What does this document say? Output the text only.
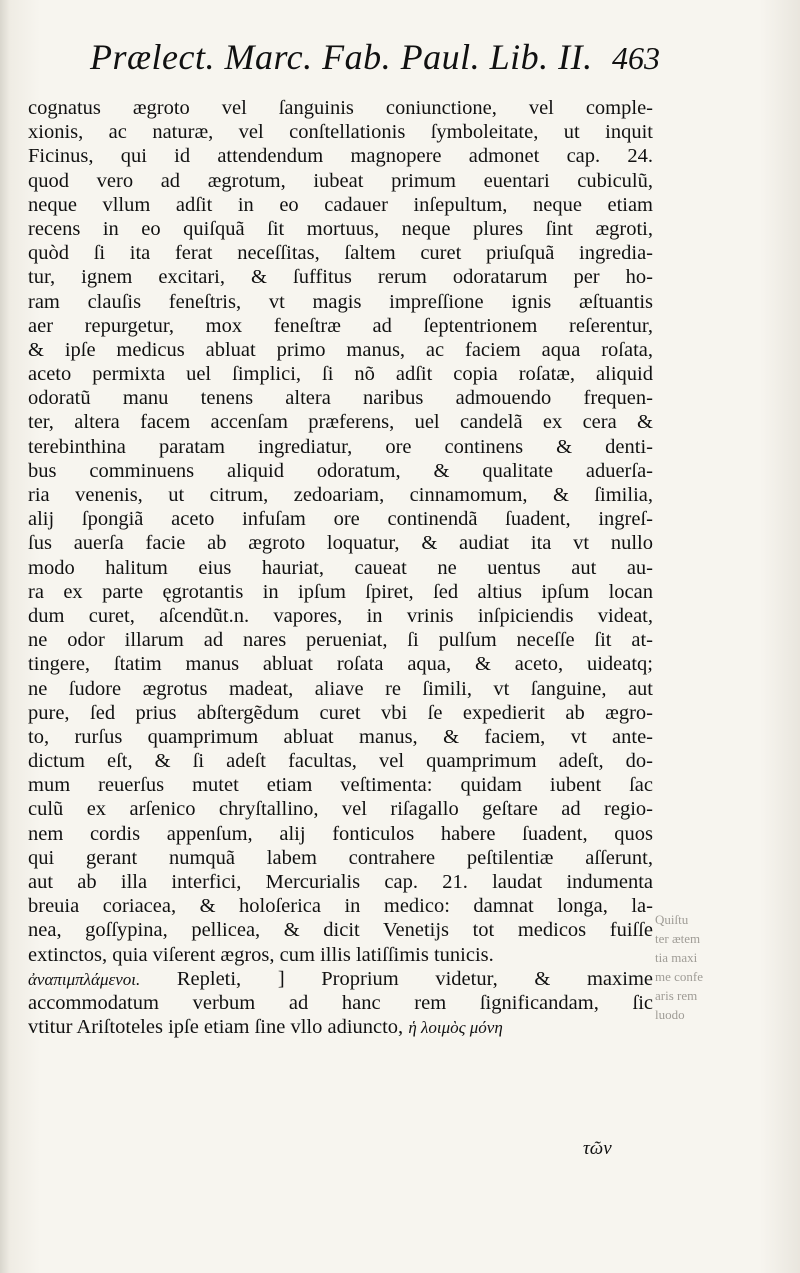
Prælect. Marc. Fab. Paul. Lib. II. 463
cognatus ægroto vel ſanguinis coniunctione, vel comple-
xionis, ac naturæ, vel conſtellationis ſymboleitate, ut inquit
Ficinus, qui id attendendum magnopere admonet cap. 24.
quod vero ad ægrotum, iubeat primum euentari cubiculũ,
neque vllum adſit in eo cadauer inſepultum, neque etiam
recens in eo quiſquã ſit mortuus, neque plures ſint ægroti,
quòd ſi ita ferat neceſſitas, ſaltem curet priuſquã ingredia-
tur, ignem excitari, & ſuffitus rerum odoratarum per ho-
ram clauſis feneſtris, vt magis impreſſione ignis æſtuantis
aer repurgetur, mox feneſtræ ad ſeptentrionem reſerentur,
& ipſe medicus abluat primo manus, ac faciem aqua roſata,
aceto permixta uel ſimplici, ſi nõ adſit copia roſatæ, aliquid
odoratũ manu tenens altera naribus admouendo frequen-
ter, altera facem accenſam præferens, uel candelã ex cera &
terebinthina paratam ingrediatur, ore continens & denti-
bus comminuens aliquid odoratum, & qualitate aduerſa-
ria venenis, ut citrum, zedoariam, cinnamomum, & ſimilia,
alij ſpongiã aceto infuſam ore continendã ſuadent, ingreſ-
ſus auerſa facie ab ægroto loquatur, & audiat ita vt nullo
modo halitum eius hauriat, caueat ne uentus aut au-
ra ex parte ęgrotantis in ipſum ſpiret, ſed altius ipſum locan
dum curet, aſcendũt.n. vapores, in vrinis inſpiciendis videat,
ne odor illarum ad nares perueniat, ſi pulſum neceſſe ſit at-
tingere, ſtatim manus abluat roſata aqua, & aceto, uideatq;
ne ſudore ægrotus madeat, aliave re ſimili, vt ſanguine, aut
pure, ſed prius abſtergẽdum curet vbi ſe expedierit ab ægro-
to, rurſus quamprimum abluat manus, & faciem, vt ante-
dictum eſt, & ſi adeſt facultas, vel quamprimum adeſt, do-
mum reuerſus mutet etiam veſtimenta: quidam iubent ſac
culũ ex arſenico chryſtallino, vel riſagallo geſtare ad regio-
nem cordis appenſum, alij fonticulos habere ſuadent, quos
qui gerant numquã labem contrahere peſtilentiæ aſſerunt,
aut ab illa interfici, Mercurialis cap. 21. laudat indumenta
breuia coriacea, & holoſerica in medico: damnat longa, la-
nea, goſſypina, pellicea, & dicit Venetijs tot medicos fuiſſe
extinctos, quia viſerent ægros, cum illis latiſſimis tunicis.
ἀναπιμπλάμενοι. Repleti, ] Proprium videtur, & maxime
accommodatum verbum ad hanc rem ſignificandam, ſic
vtitur Ariſtoteles ipſe etiam ſine vllo adiuncto, ἡ λοιμὸς μόνη
τῶν
Quiſtu
ter ætem
tia maxi
me confe
aris rem
luodo
